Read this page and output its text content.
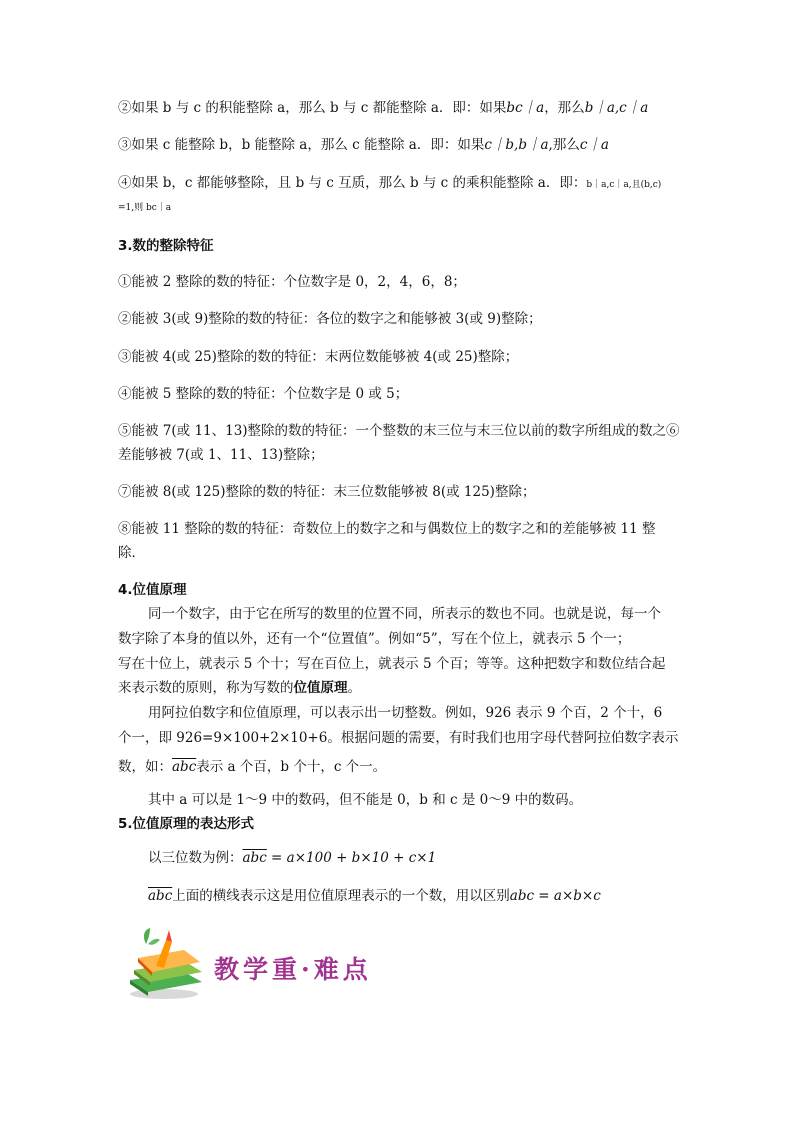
②如果 b 与 c 的积能整除 a，那么 b 与 c 都能整除 a．即：如果bc｜a，那么b｜a,c｜a
③如果 c 能整除 b，b 能整除 a，那么 c 能整除 a．即：如果c｜b,b｜a,那么c｜a
④如果 b，c 都能够整除，且 b 与 c 互质，那么 b 与 c 的乘积能整除 a．即：b｜a,c｜a,且(b,c)
=1,则 bc｜a
3.数的整除特征
①能被 2 整除的数的特征：个位数字是 0，2，4，6，8；
②能被 3(或 9)整除的数的特征：各位的数字之和能够被 3(或 9)整除；
③能被 4(或 25)整除的数的特征：末两位数能够被 4(或 25)整除；
④能被 5 整除的数的特征：个位数字是 0 或 5；
⑤能被 7(或 11、13)整除的数的特征：一个整数的末三位与末三位以前的数字所组成的数之⑥
差能够被 7(或 1、11、13)整除；
⑦能被 8(或 125)整除的数的特征：末三位数能够被 8(或 125)整除；
⑧能被 11 整除的数的特征：奇数位上的数字之和与偶数位上的数字之和的差能够被 11 整
除．
4.位值原理
同一个数字，由于它在所写的数里的位置不同，所表示的数也不同。也就是说，每一个
数字除了本身的值以外，还有一个“位置值”。例如“5”，写在个位上，就表示 5 个一；
写在十位上，就表示 5 个十；写在百位上，就表示 5 个百；等等。这种把数字和数位结合起
来表示数的原则，称为写数的位值原理。
用阿拉伯数字和位值原理，可以表示出一切整数。例如，926 表示 9 个百，2 个十，6
个一，即 926=9×100+2×10+6。根据问题的需要，有时我们也用字母代替阿拉伯数字表示
数，如：$\overline{abc}$表示 a 个百，b 个十，c 个一。
其中 a 可以是 1～9 中的数码，但不能是 0，b 和 c 是 0～9 中的数码。
5.位值原理的表达形式
以三位数为例：$\overline{abc} = a\times 100 + b\times 10 + c\times 1$
$\overline{abc}$上面的横线表示这是用位值原理表示的一个数，用以区别abc = a×b×c
教学重·难点
